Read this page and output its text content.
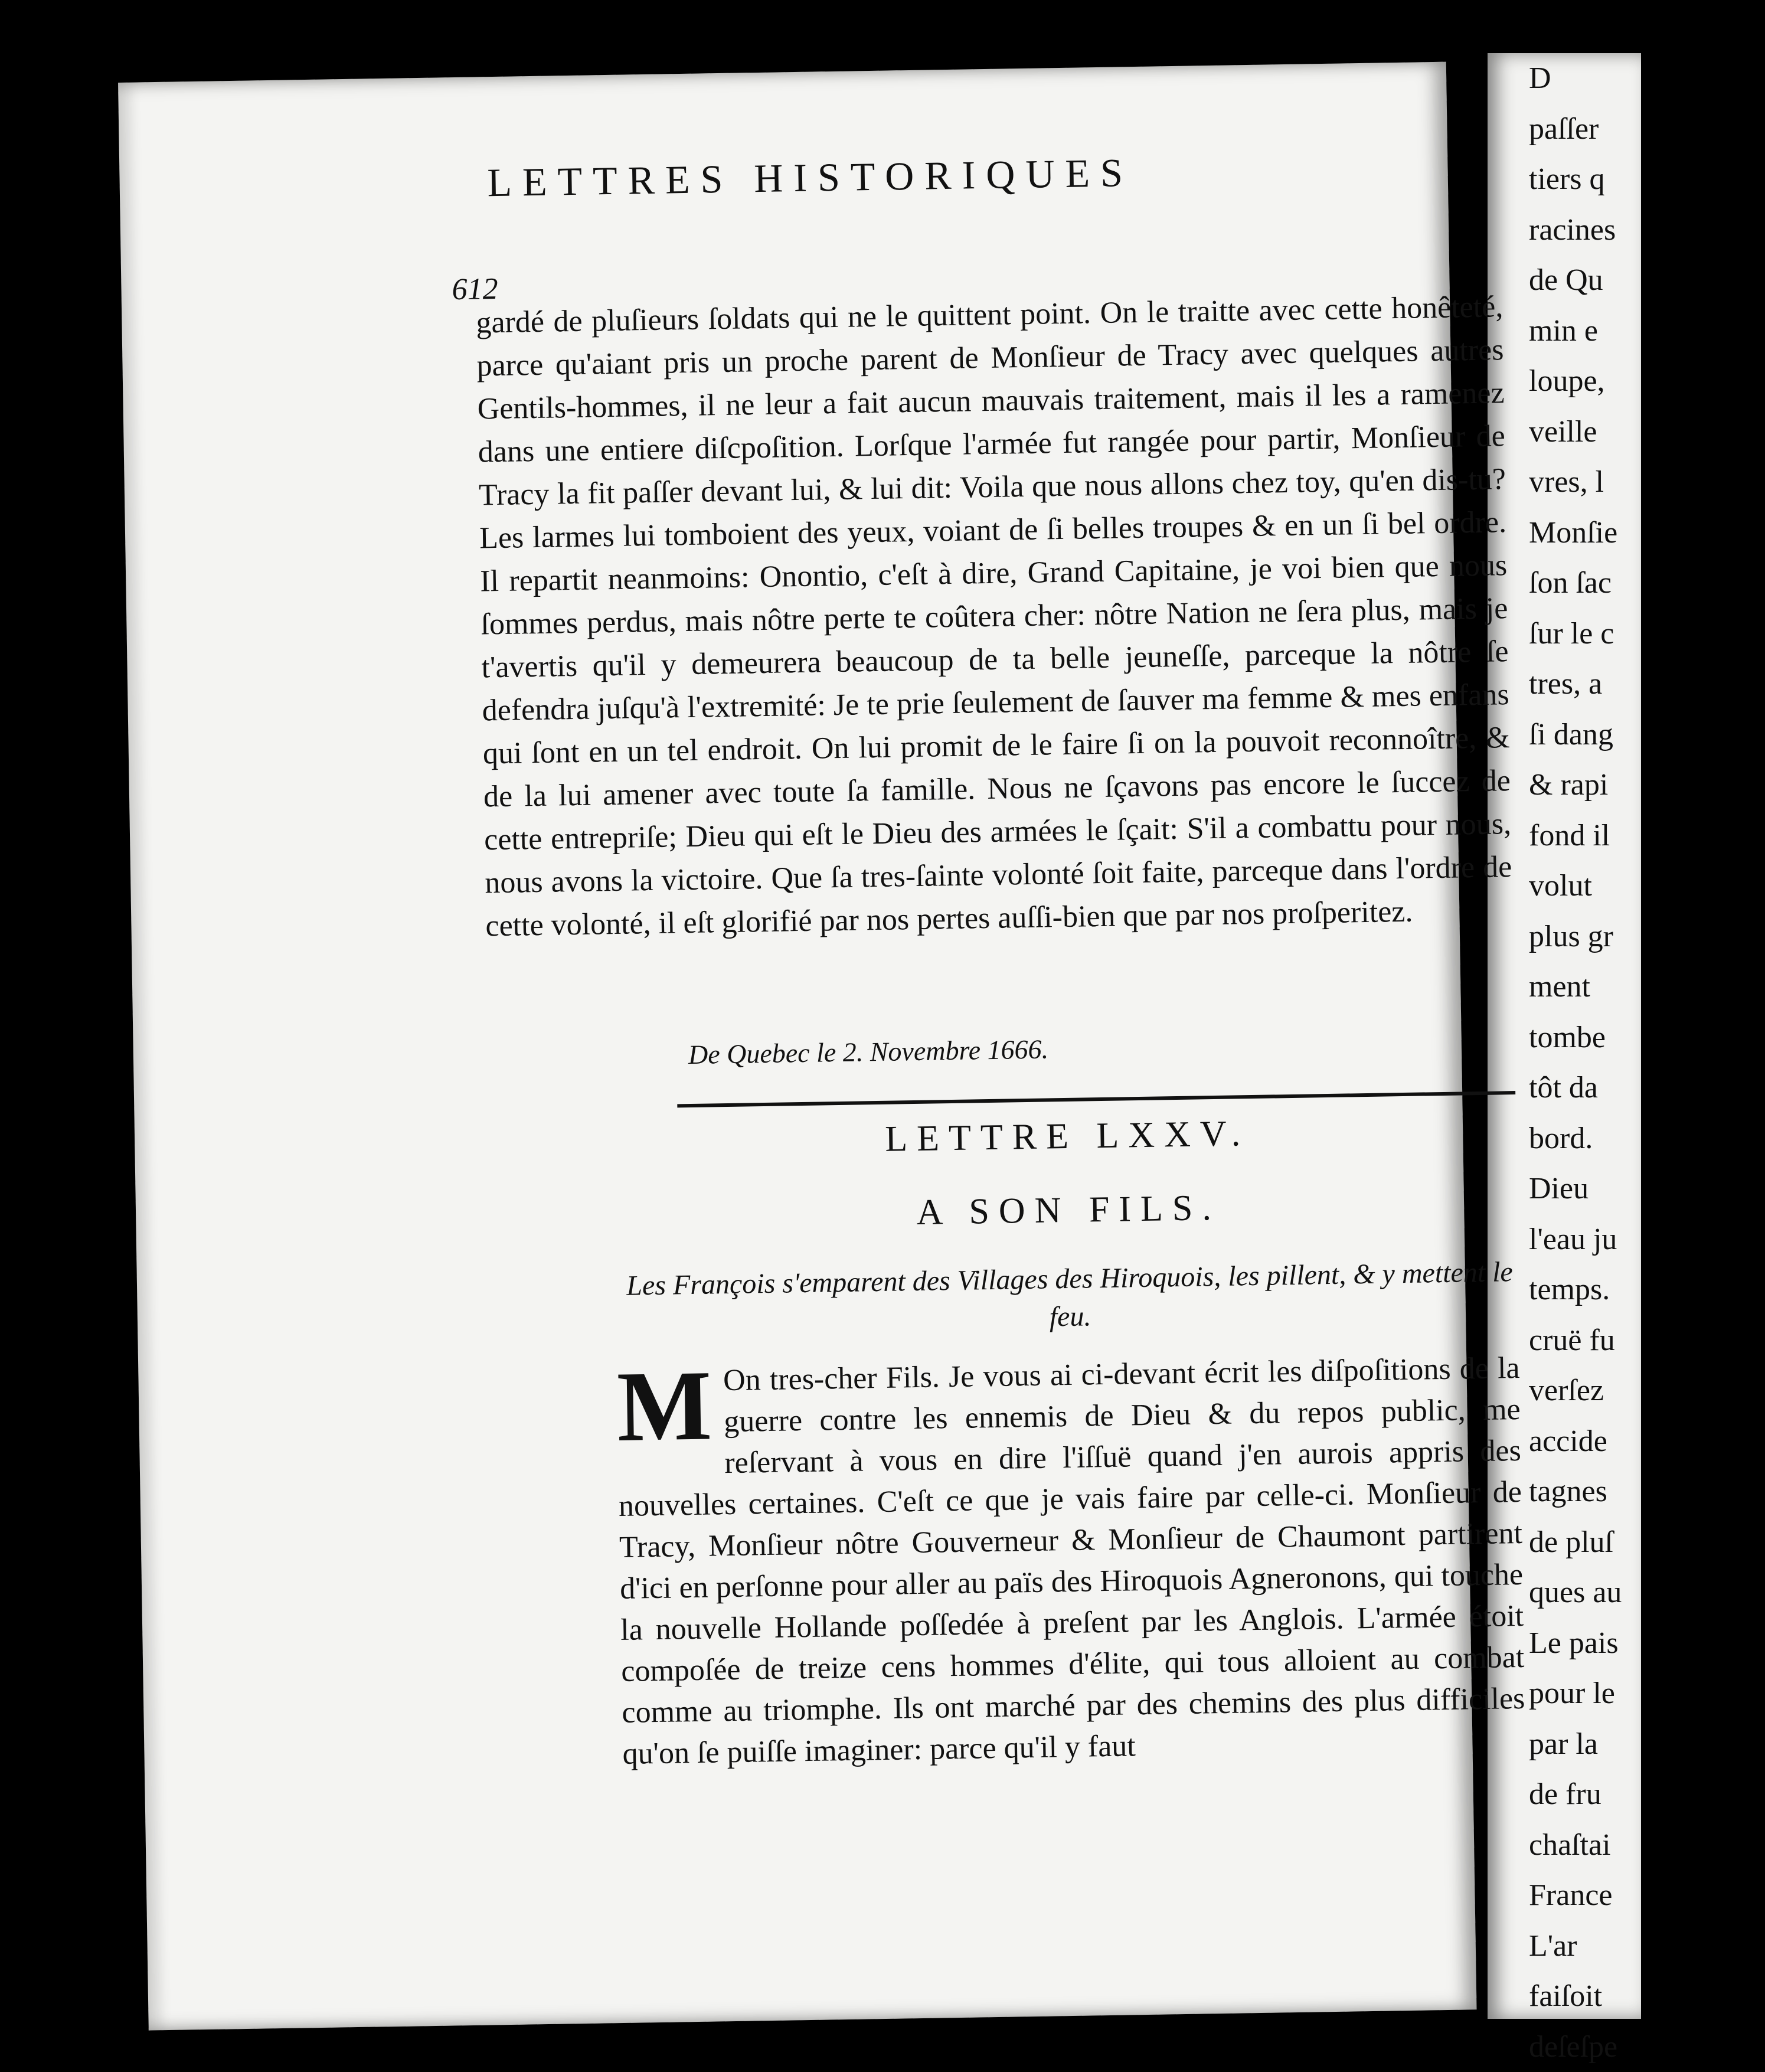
D
paſſer
tiers q
racines
de Qu
min e
loupe,
veille
vres, l
Monſie
ſon ſac
ſur le c
tres, a
ſi dang
& rapi
fond il
volut
plus gr
ment
tombe
tôt da
bord.
Dieu
l'eau ju
temps.
cruë fu
verſez
accide
tagnes
de pluſ
ques au
Le pais
pour le
par la
de fru
chaſtai
France
L'ar
faiſoit
deſeſpe
LETTRES HISTORIQUES
612
gardé de pluſieurs ſoldats qui ne le quittent point. On le traitte avec cette honêteté, parce qu'aiant pris un proche parent de Monſieur de Tracy avec quelques autres Gentils-hommes, il ne leur a fait aucun mauvais traitement, mais il les a ramenez dans une entiere diſcpoſition. Lorſque l'armée fut rangée pour partir, Monſieur de Tracy la fit paſſer devant lui, & lui dit: Voila que nous allons chez toy, qu'en dis-tu? Les larmes lui tomboient des yeux, voiant de ſi belles troupes & en un ſi bel ordre. Il repartit neanmoins: Onontio, c'eſt à dire, Grand Capitaine, je voi bien que nous ſommes perdus, mais nôtre perte te coûtera cher: nôtre Nation ne ſera plus, mais je t'avertis qu'il y demeurera beaucoup de ta belle jeuneſſe, parceque la nôtre ſe defendra juſqu'à l'extremité: Je te prie ſeulement de ſauver ma femme & mes enfans qui ſont en un tel endroit. On lui promit de le faire ſi on la pouvoit reconnoître, & de la lui amener avec toute ſa famille. Nous ne ſçavons pas encore le ſuccez de cette entrepriſe; Dieu qui eſt le Dieu des armées le ſçait: S'il a combattu pour nous, nous avons la victoire. Que ſa tres-ſainte volonté ſoit faite, parceque dans l'ordre de cette volonté, il eſt glorifié par nos pertes auſſi-bien que par nos proſperitez.
De Quebec le 2. Novembre 1666.
LETTRE LXXV.
A SON FILS.
Les François s'emparent des Villages des Hiroquois, les pillent, & y mettent le feu.
M On tres-cher Fils. Je vous ai ci-devant écrit les diſpoſitions de la guerre contre les ennemis de Dieu & du repos public, me reſervant à vous en dire l'iſſuë quand j'en aurois appris des nouvelles certaines. C'eſt ce que je vais faire par celle-ci. Monſieur de Tracy, Monſieur nôtre Gouverneur & Monſieur de Chaumont partirent d'ici en perſonne pour aller au païs des Hiroquois Agneronons, qui touche la nouvelle Hollande poſſedée à preſent par les Anglois. L'armée étoit compoſée de treize cens hommes d'élite, qui tous alloient au combat comme au triomphe. Ils ont marché par des chemins des plus difficiles qu'on ſe puiſſe imaginer: parce qu'il y faut
